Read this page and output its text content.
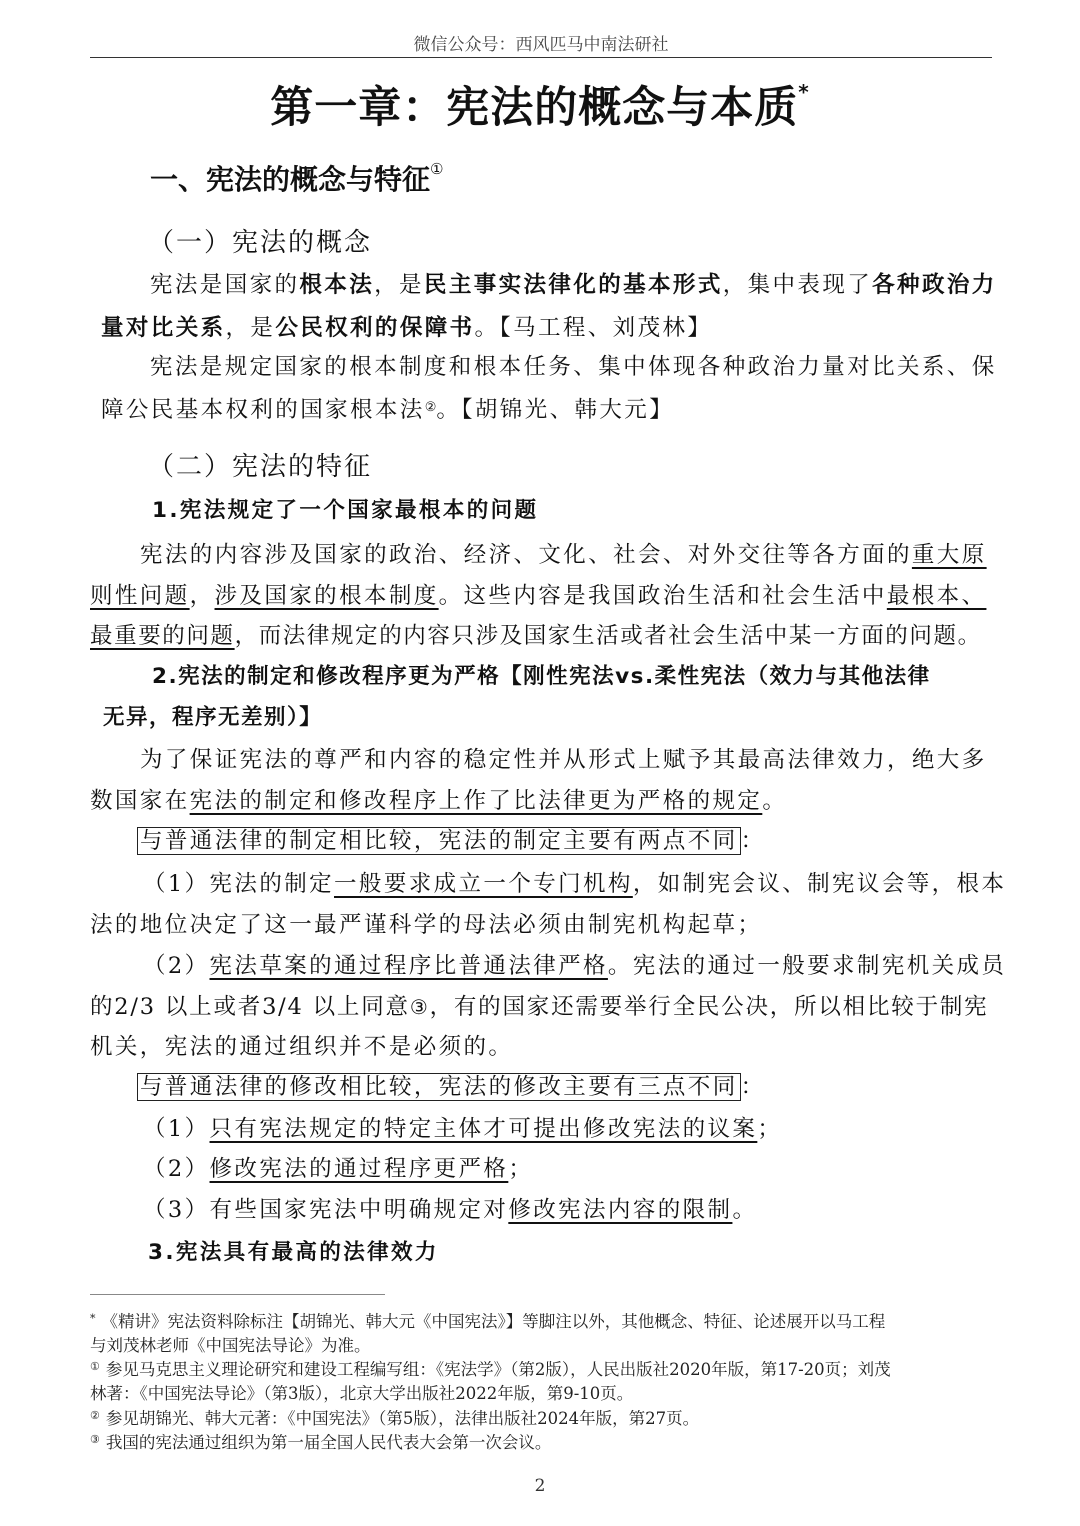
微信公众号：西风匹马中南法研社
第一章：宪法的概念与本质*
一、宪法的概念与特征①
（一）宪法的概念
宪法是国家的根本法，是民主事实法律化的基本形式，集中表现了各种政治力
量对比关系，是公民权利的保障书。【马工程、刘茂林】
宪法是规定国家的根本制度和根本任务、集中体现各种政治力量对比关系、保
障公民基本权利的国家根本法②。【胡锦光、韩大元】
（二）宪法的特征
1.宪法规定了一个国家最根本的问题
宪法的内容涉及国家的政治、经济、文化、社会、对外交往等各方面的重大原
则性问题，涉及国家的根本制度。这些内容是我国政治生活和社会生活中最根本、
最重要的问题，而法律规定的内容只涉及国家生活或者社会生活中某一方面的问题。
2.宪法的制定和修改程序更为严格【刚性宪法vs.柔性宪法（效力与其他法律
无异，程序无差别）】
为了保证宪法的尊严和内容的稳定性并从形式上赋予其最高法律效力，绝大多
数国家在宪法的制定和修改程序上作了比法律更为严格的规定。
与普通法律的制定相比较，宪法的制定主要有两点不同 ：
（1）宪法的制定一般要求成立一个专门机构，如制宪会议、制宪议会等，根本
法的地位决定了这一最严谨科学的母法必须由制宪机构起草；
（2）宪法草案的通过程序比普通法律严格。宪法的通过一般要求制宪机关成员
的2/3 以上或者3/4 以上同意③，有的国家还需要举行全民公决，所以相比较于制宪
机关，宪法的通过组织并不是必须的。
与普通法律的修改相比较，宪法的修改主要有三点不同 ：
（1）只有宪法规定的特定主体才可提出修改宪法的议案；
（2）修改宪法的通过程序更严格；
（3）有些国家宪法中明确规定对修改宪法内容的限制。
3.宪法具有最高的法律效力
* 《精讲》宪法资料除标注【胡锦光、韩大元《中国宪法》】等脚注以外，其他概念、特征、论述展开以马工程
与刘茂林老师《中国宪法导论》为准。
① 参见马克思主义理论研究和建设工程编写组：《宪法学》（第2版），人民出版社2020年版，第17-20页；刘茂
林著：《中国宪法导论》（第3版），北京大学出版社2022年版，第9-10页。
② 参见胡锦光、韩大元著：《中国宪法》（第5版），法律出版社2024年版，第27页。
③ 我国的宪法通过组织为第一届全国人民代表大会第一次会议。
2
